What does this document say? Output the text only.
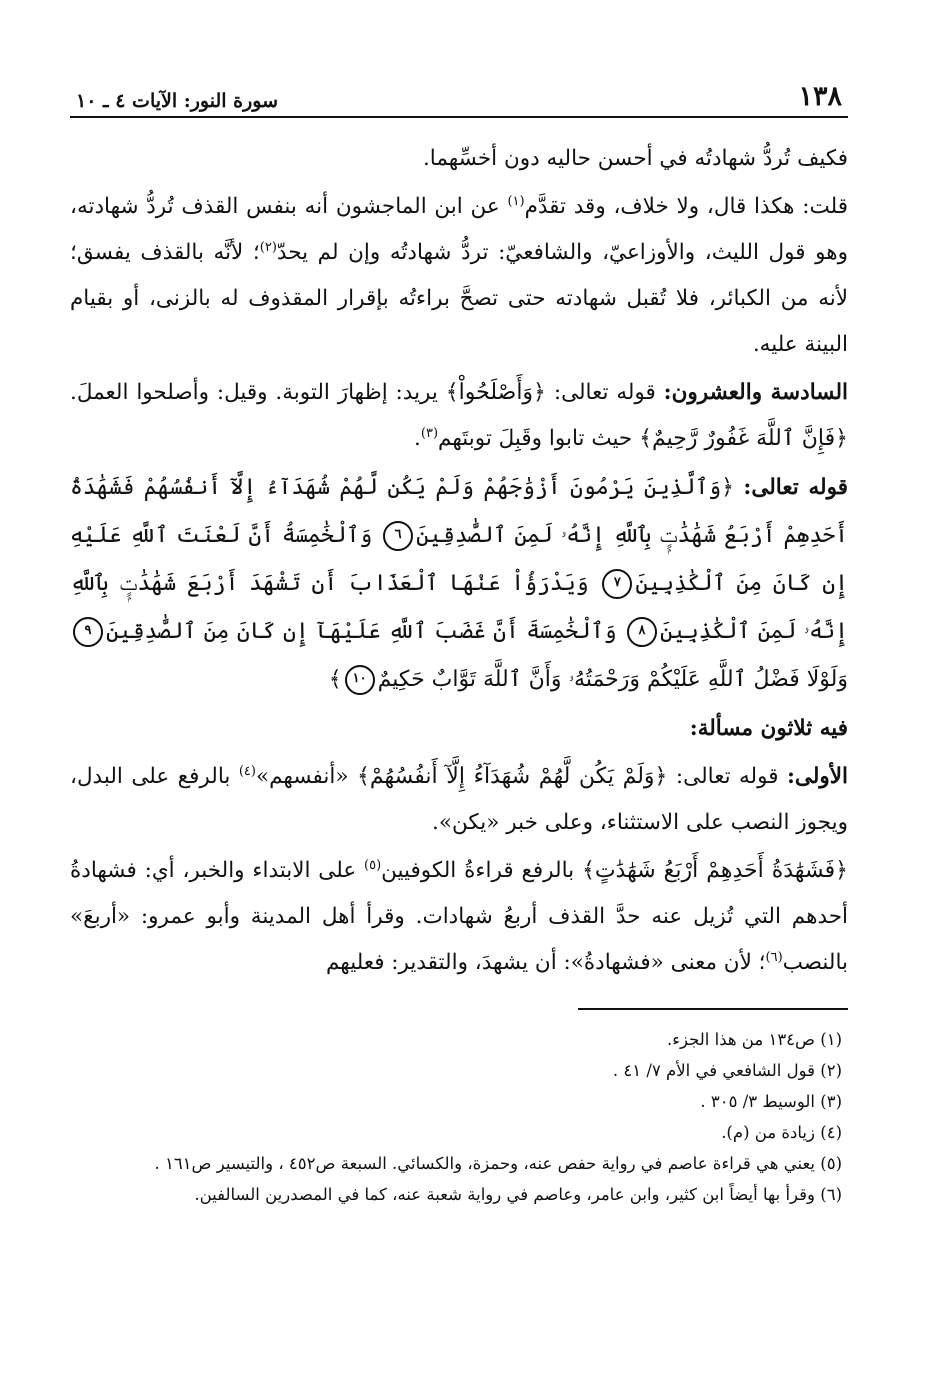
١٣٨
سورة النور: الآيات ٤ ـ ١٠

فكيف تُردُّ شهادتُه في أحسن حاليه دون أخسِّهما.

قلت: هكذا قال، ولا خلاف، وقد تقدَّم$^{(١)}$ عن ابن الماجشون أنه بنفس القذف تُردُّ شهادته، وهو قول الليث، والأوزاعيّ، والشافعيّ: تردُّ شهادتُه وإن لم يحدّ$^{(٢)}$؛ لأنَّه بالقذف يفسق؛ لأنه من الكبائر، فلا تُقبل شهادته حتى تصحَّ براءتُه بإقرار المقذوف له بالزنى، أو بقيام البينة عليه.

السادسة والعشرون: قوله تعالى: ﴿وَأَصْلَحُواْ﴾ يريد: إظهارَ التوبة. وقيل: وأصلحوا العملَ. ﴿فَإِنَّ ٱللَّهَ غَفُورٌ رَّحِيمٌ﴾ حيث تابوا وقَبِلَ توبتَهم$^{(٣)}$.

قوله تعالى: ﴿وَٱلَّذِينَ يَرْمُونَ أَزْوَٰجَهُمْ وَلَمْ يَكُن لَّهُمْ شُهَدَآءُ إِلَّآ أَنفُسُهُمْ فَشَهَٰدَةُ أَحَدِهِمْ أَرْبَعُ شَهَٰدَٰتٍۭ بِٱللَّهِ إِنَّهُۥ لَمِنَ ٱلصَّٰدِقِينَ٦ وَٱلْخَٰمِسَةُ أَنَّ لَعْنَتَ ٱللَّهِ عَلَيْهِ إِن كَانَ مِنَ ٱلْكَٰذِبِينَ٧ وَيَدْرَؤُاْ عَنْهَا ٱلْعَذَابَ أَن تَشْهَدَ أَرْبَعَ شَهَٰدَٰتٍۭ بِٱللَّهِ إِنَّهُۥ لَمِنَ ٱلْكَٰذِبِينَ٨ وَٱلْخَٰمِسَةَ أَنَّ غَضَبَ ٱللَّهِ عَلَيْهَآ إِن كَانَ مِنَ ٱلصَّٰدِقِينَ٩ وَلَوْلَا فَضْلُ ٱللَّهِ عَلَيْكُمْ وَرَحْمَتُهُۥ وَأَنَّ ٱللَّهَ تَوَّابٌ حَكِيمٌ١٠﴾

فيه ثلاثون مسألة:

الأولى: قوله تعالى: ﴿وَلَمْ يَكُن لَّهُمْ شُهَدَآءُ إِلَّآ أَنفُسُهُمْ﴾ «أنفسهم»$^{(٤)}$ بالرفع على البدل، ويجوز النصب على الاستثناء، وعلى خبر «يكن».

﴿فَشَهَٰدَةُ أَحَدِهِمْ أَرْبَعُ شَهَٰدَٰتٍ﴾ بالرفع قراءةُ الكوفيين$^{(٥)}$ على الابتداء والخبر، أي: فشهادةُ أحدهم التي تُزيل عنه حدَّ القذف أربعُ شهادات. وقرأ أهل المدينة وأبو عمرو: «أربعَ» بالنصب$^{(٦)}$؛ لأن معنى «فشهادةُ»: أن يشهدَ، والتقدير: فعليهم

(١) ص١٣٤ من هذا الجزء.
(٢) قول الشافعي في الأم ٧/ ٤١ .
(٣) الوسيط ٣/ ٣٠٥ .
(٤) زيادة من (م).
(٥) يعني هي قراءة عاصم في رواية حفص عنه، وحمزة، والكسائي. السبعة ص٤٥٢ ، والتيسير ص١٦١ .
(٦) وقرأ بها أيضاً ابن كثير، وابن عامر، وعاصم في رواية شعبة عنه، كما في المصدرين السالفين.
